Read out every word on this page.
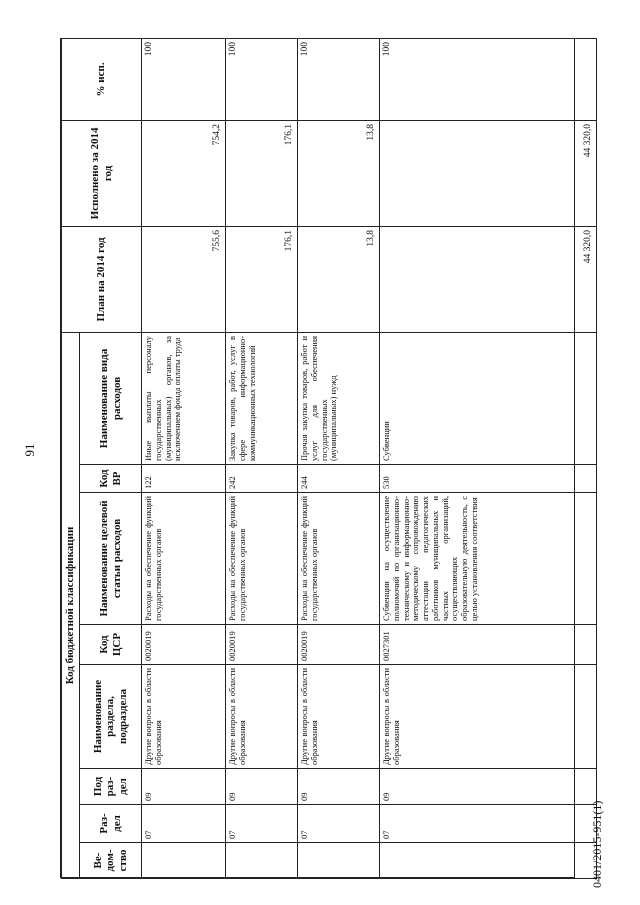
91
Код бюджетной классификации								План на 2014 год	Исполнено за 2014 год	% исп.
Ве-дом-ство	Раз-дел	Под раз-дел	Наименование раздела, подраздела	Код ЦСР	Наименование целевой статьи расходов	Код ВР	Наименование вида расходов			
	07	09	Другие вопросы в области образования	0020019	Расходы на обеспечение функций государственных органов	122	Иные выплаты персоналу государственных (муниципальных) органов, за исключением фонда оплаты труда	755,6	754,2	100
	07	09	Другие вопросы в области образования	0020019	Расходы на обеспечение функций государственных органов	242	Закупка товаров, работ, услуг в сфере информационно-коммуникационных технологий	176,1	176,1	100
	07	09	Другие вопросы в области образования	0020019	Расходы на обеспечение функций государственных органов	244	Прочая закупка товаров, работ и услуг для обеспечения государственных (муниципальных) нужд	13,8	13,8	100
	07	09	Другие вопросы в области образования	0027301	Субвенции на осуществление полномочий по организационно-техническому и информационно-методическому сопровождению аттестации педагогических работников муниципальных и частных организаций, осуществляющих образовательную деятельность, с целью установления соответствия	530	Субвенции	44 320,0	44 320,0	100
0401/2015-951(1)
